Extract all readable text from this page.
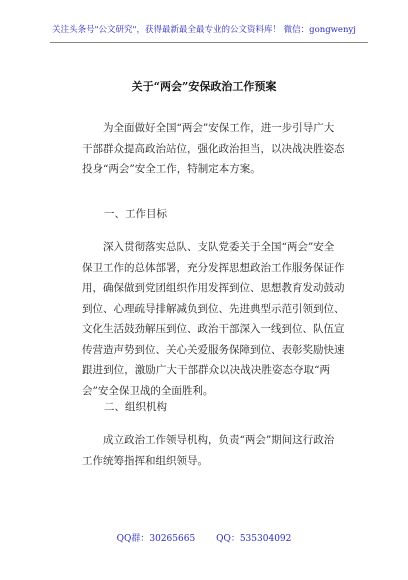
关注头条号"公文研究"，获得最新最全最专业的公文资料库！ 微信：gongwenyj
关于“两会”安保政治工作预案
为全面做好全国“两会”安保工作，进一步引导广大
干部群众提高政治站位，强化政治担当，以决战决胜姿态
投身“两会”安全工作，特制定本方案。
一、工作目标
深入贯彻落实总队、支队党委关于全国“两会”安全
保卫工作的总体部署，充分发挥思想政治工作服务保证作
用，确保做到党团组织作用发挥到位、思想教育发动鼓动
到位、心理疏导排解减负到位、先进典型示范引领到位、
文化生活鼓劲解压到位、政治干部深入一线到位、队伍宣
传营造声势到位、关心关爱服务保障到位、表彰奖励快速
跟进到位，激励广大干部群众以决战决胜姿态夺取“两
会”安全保卫战的全面胜利。
二、组织机构
成立政治工作领导机构，负责“两会”期间这行政治
工作统筹指挥和组织领导。
QQ群：30265665 QQ：535304092
